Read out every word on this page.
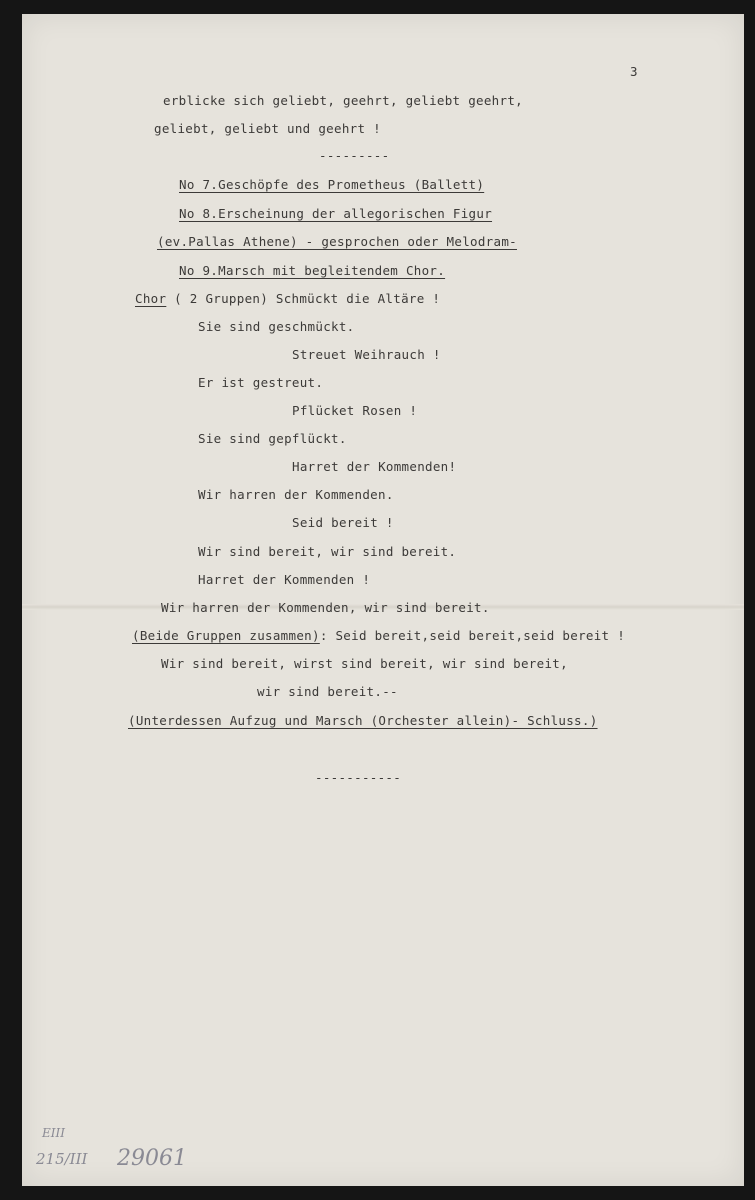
3
erblicke sich geliebt, geehrt, geliebt geehrt,
geliebt, geliebt und geehrt !
---------
No 7.Geschöpfe des Prometheus (Ballett)
No 8.Erscheinung der allegorischen Figur
(ev.Pallas Athene) - gesprochen oder Melodram-
No 9.Marsch mit begleitendem Chor.
Chor ( 2 Gruppen) Schmückt die Altäre !
Sie sind geschmückt.
Streuet Weihrauch !
Er ist gestreut.
Pflücket Rosen !
Sie sind gepflückt.
Harret der Kommenden!
Wir harren der Kommenden.
Seid bereit !
Wir sind bereit, wir sind bereit.
Harret der Kommenden !
Wir harren der Kommenden, wir sind bereit.
(Beide Gruppen zusammen): Seid bereit,seid bereit,seid bereit !
Wir sind bereit, wirst sind bereit, wir sind bereit,
wir sind bereit.--
(Unterdessen Aufzug und Marsch (Orchester allein)- Schluss.)
-----------
EIII
215/III 29061
